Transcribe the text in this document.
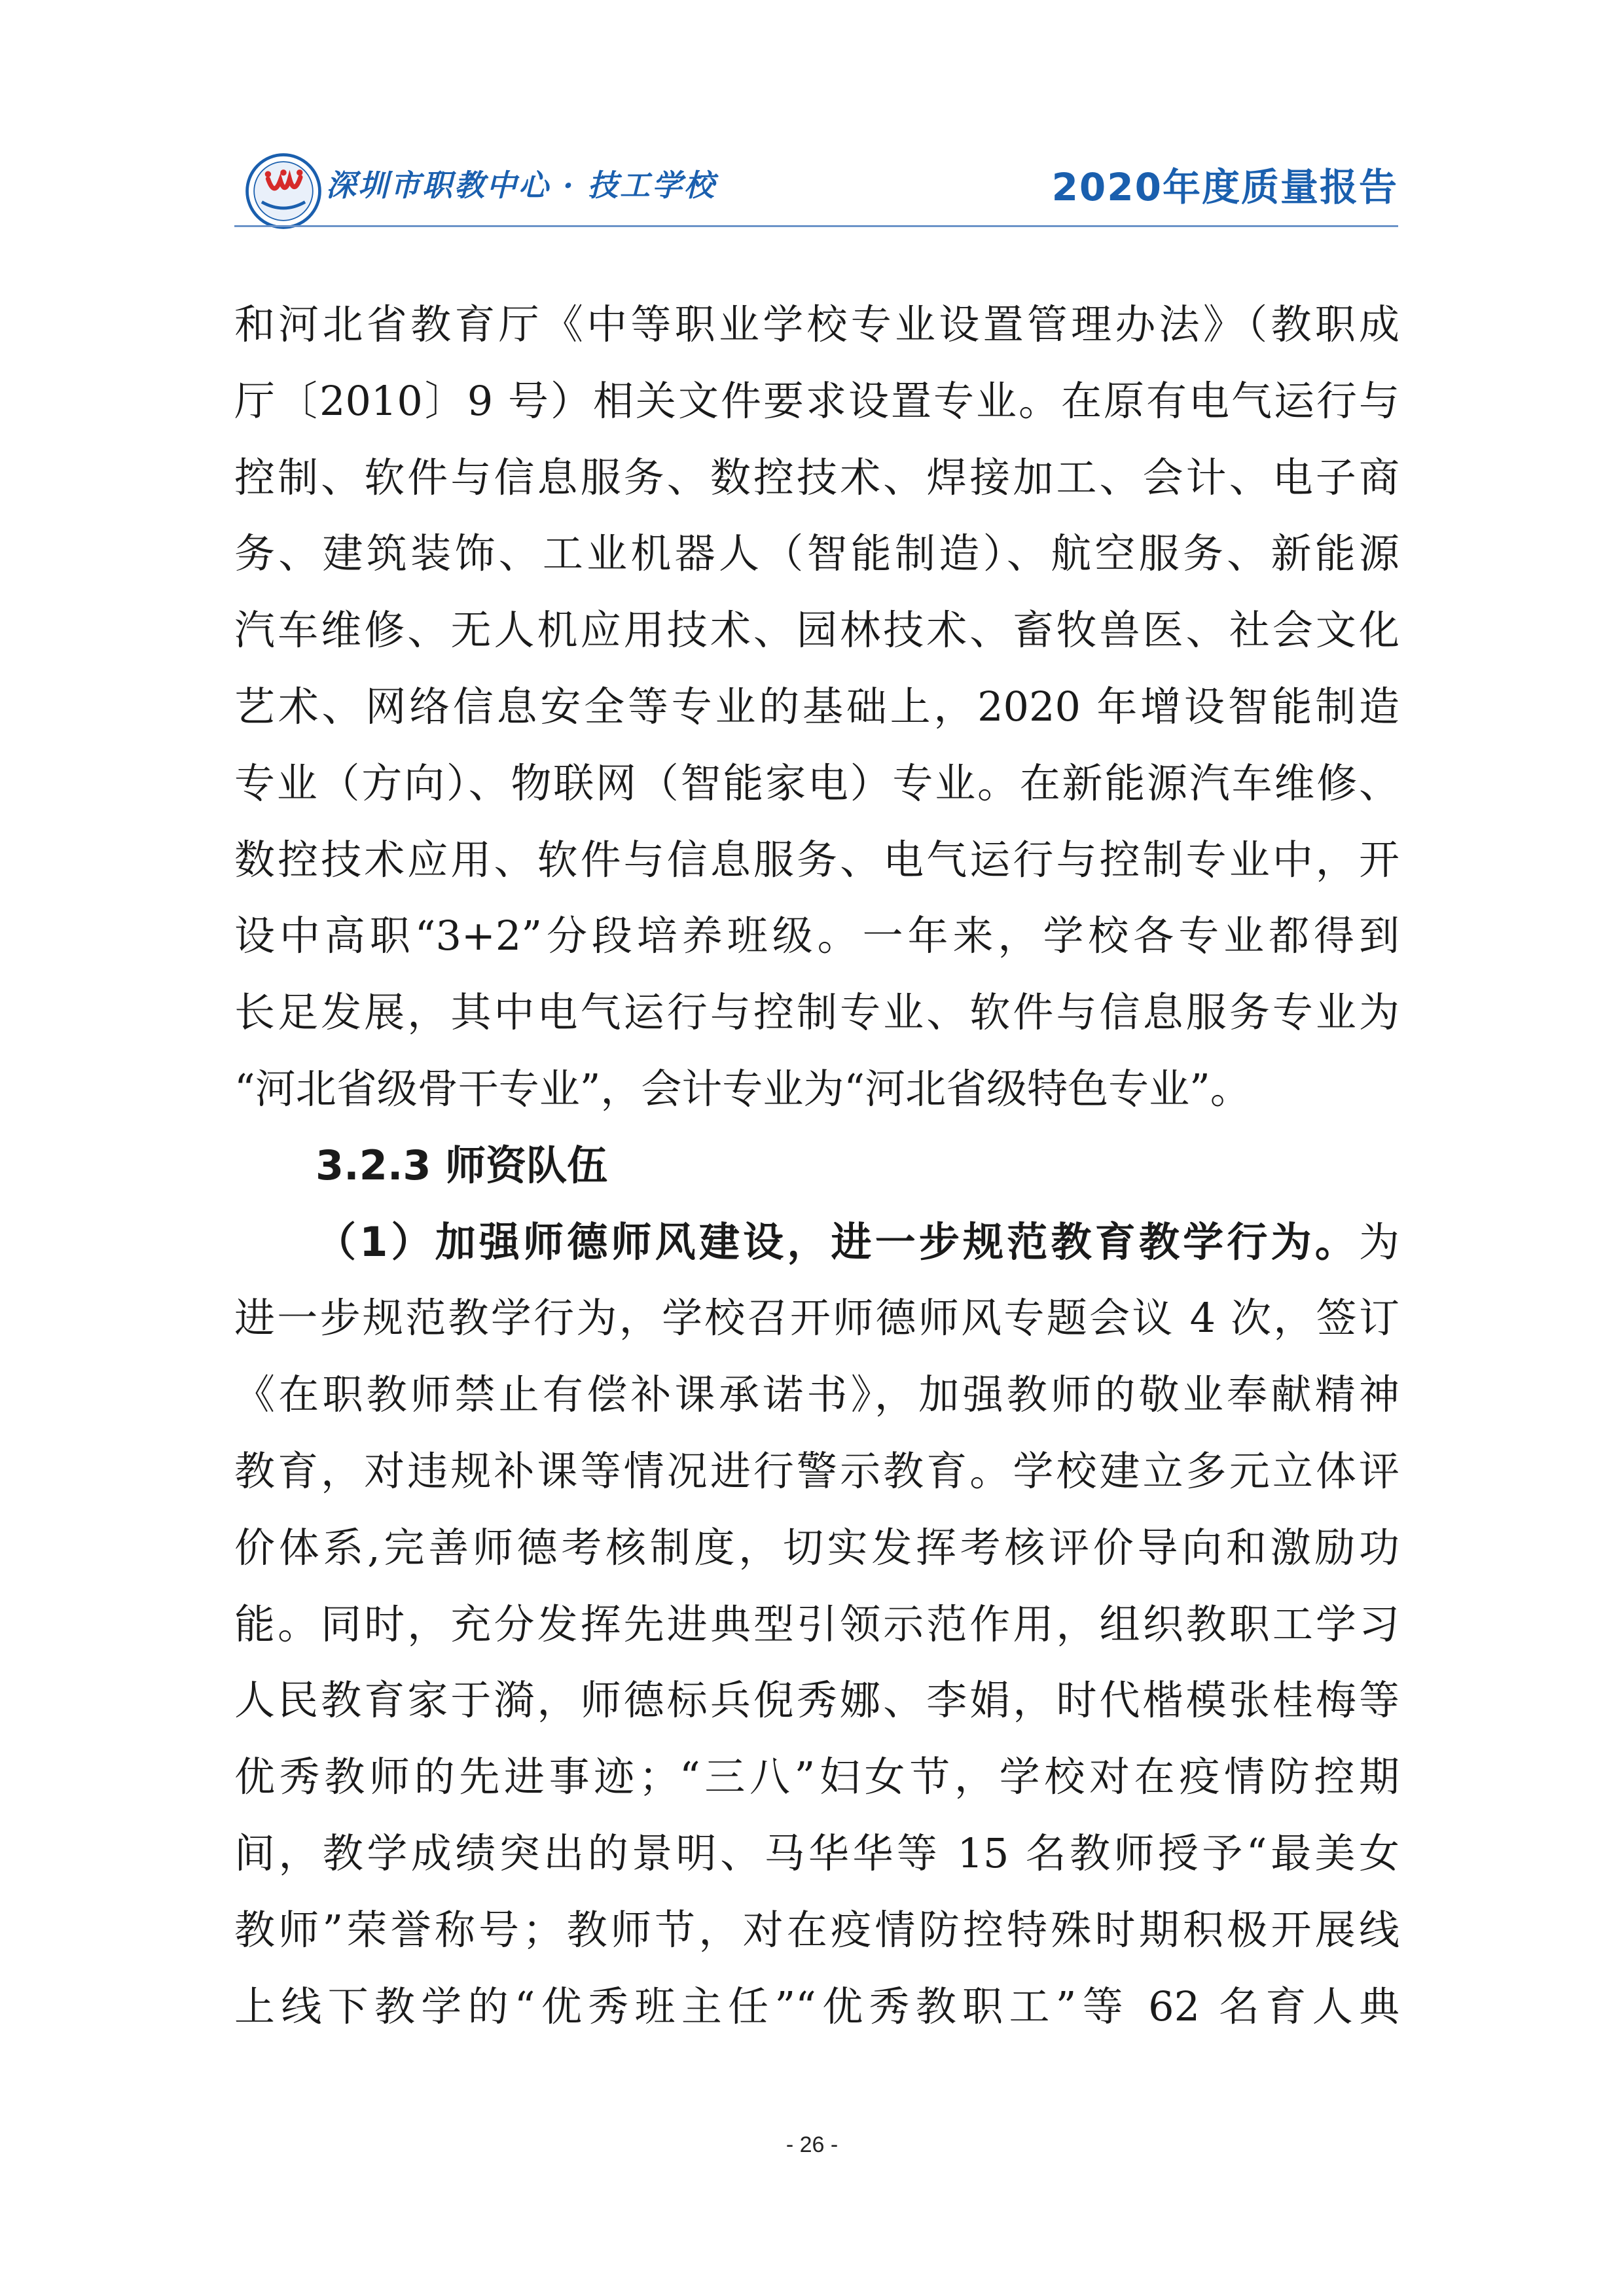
深圳市职教中心 · 技工学校	2020年度质量报告
和河北省教育厅《中等职业学校专业设置管理办法》（教职成
厅〔2010〕9 号）相关文件要求设置专业。在原有电气运行与
控制、软件与信息服务、数控技术、焊接加工、会计、电子商
务、建筑装饰、工业机器人（智能制造）、航空服务、新能源
汽车维修、无人机应用技术、园林技术、畜牧兽医、社会文化
艺术、网络信息安全等专业的基础上，2020 年增设智能制造
专业（方向）、物联网（智能家电）专业。在新能源汽车维修、
数控技术应用、软件与信息服务、电气运行与控制专业中，开
设中高职“3+2”分段培养班级。一年来，学校各专业都得到
长足发展，其中电气运行与控制专业、软件与信息服务专业为
“河北省级骨干专业”，会计专业为“河北省级特色专业”。
3.2.3 师资队伍
（1）加强师德师风建设，进一步规范教育教学行为。为
进一步规范教学行为，学校召开师德师风专题会议 4 次，签订
《在职教师禁止有偿补课承诺书》，加强教师的敬业奉献精神
教育，对违规补课等情况进行警示教育。学校建立多元立体评
价体系,完善师德考核制度，切实发挥考核评价导向和激励功
能。同时，充分发挥先进典型引领示范作用，组织教职工学习
人民教育家于漪，师德标兵倪秀娜、李娟，时代楷模张桂梅等
优秀教师的先进事迹；“三八”妇女节，学校对在疫情防控期
间，教学成绩突出的景明、马华华等 15 名教师授予“最美女
教师”荣誉称号；教师节，对在疫情防控特殊时期积极开展线
上线下教学的“优秀班主任”“优秀教职工”等 62 名育人典
- 26 -
